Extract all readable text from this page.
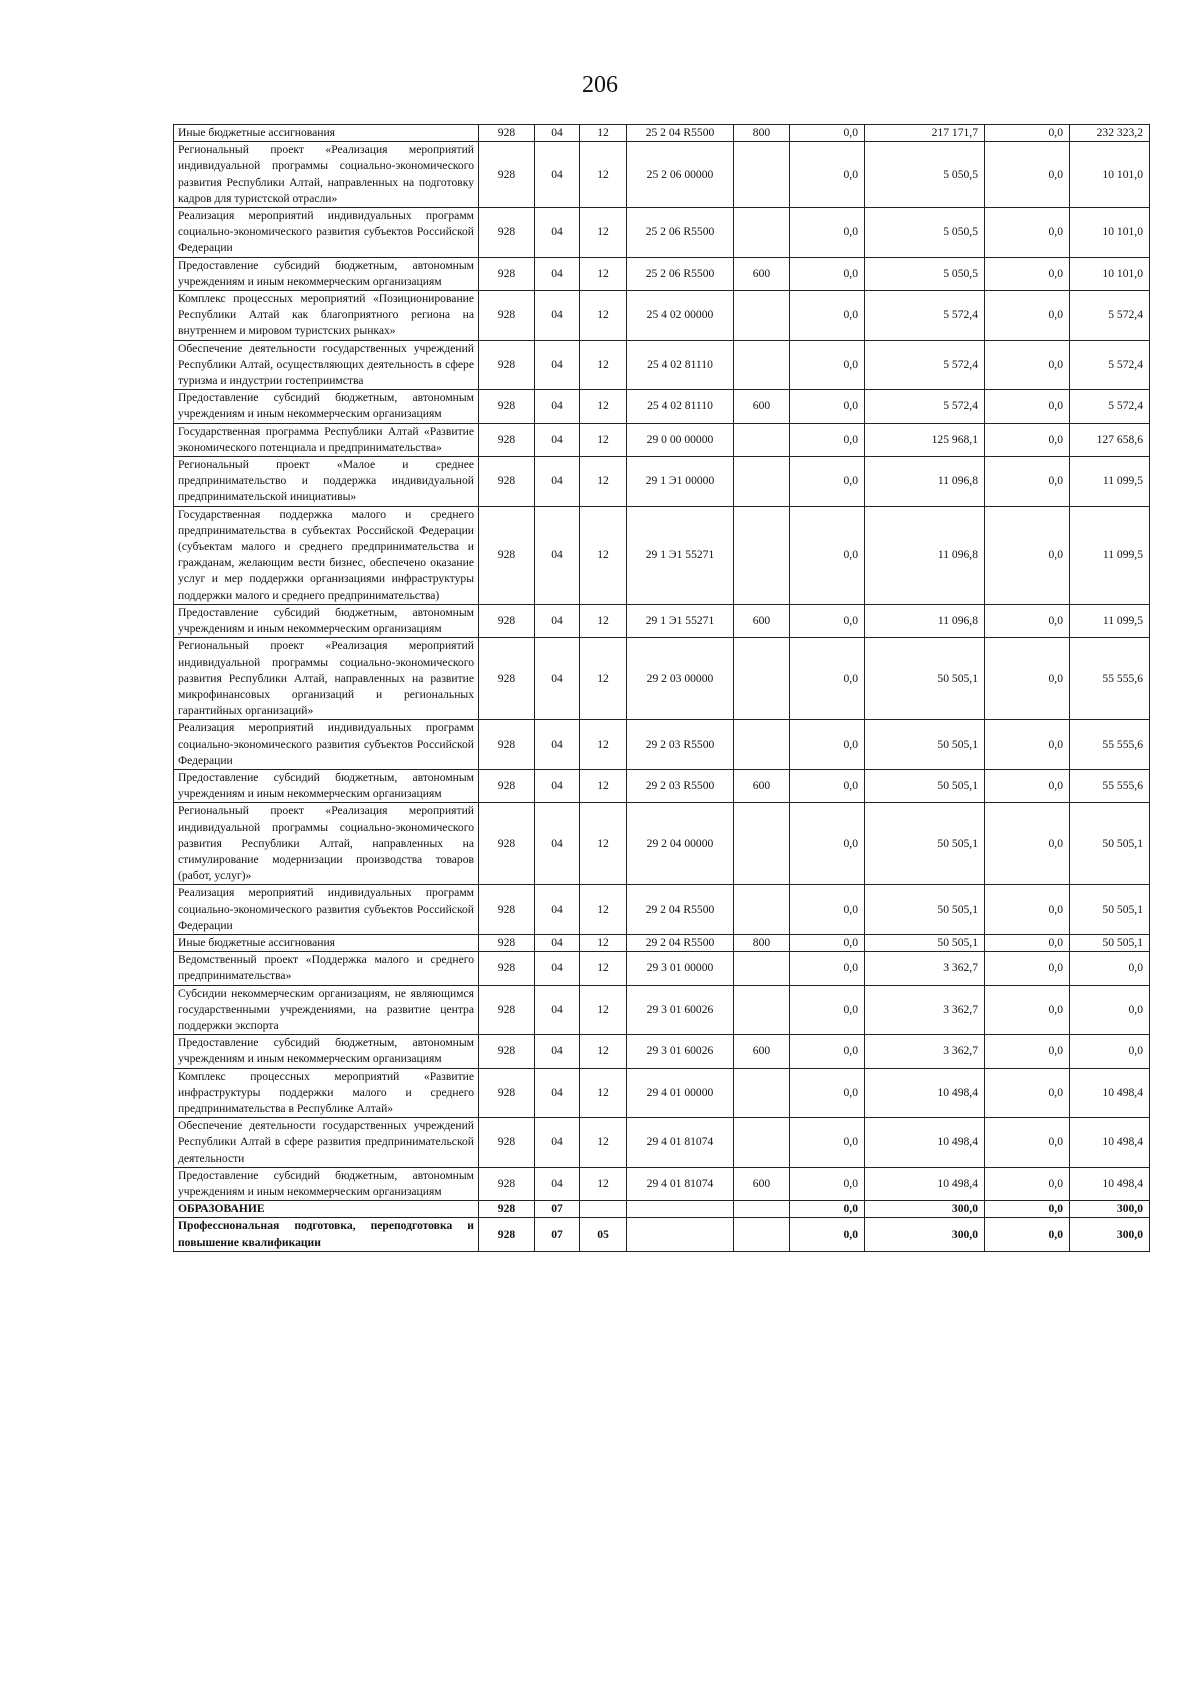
206
Иные бюджетные ассигнования	928	04	12	25 2 04 R5500	800	0,0	217 171,7	0,0	232 323,2
Региональный проект «Реализация мероприятий индивидуальной программы социально-экономического развития Республики Алтай, направленных на подготовку кадров для туристской отрасли»	928	04	12	25 2 06 00000		0,0	5 050,5	0,0	10 101,0
Реализация мероприятий индивидуальных программ социально-экономического развития субъектов Российской Федерации	928	04	12	25 2 06 R5500		0,0	5 050,5	0,0	10 101,0
Предоставление субсидий бюджетным, автономным учреждениям и иным некоммерческим организациям	928	04	12	25 2 06 R5500	600	0,0	5 050,5	0,0	10 101,0
Комплекс процессных мероприятий «Позиционирование Республики Алтай как благоприятного региона на внутреннем и мировом туристских рынках»	928	04	12	25 4 02 00000		0,0	5 572,4	0,0	5 572,4
Обеспечение деятельности государственных учреждений Республики Алтай, осуществляющих деятельность в сфере туризма и индустрии гостеприимства	928	04	12	25 4 02 81110		0,0	5 572,4	0,0	5 572,4
Предоставление субсидий бюджетным, автономным учреждениям и иным некоммерческим организациям	928	04	12	25 4 02 81110	600	0,0	5 572,4	0,0	5 572,4
Государственная программа Республики Алтай «Развитие экономического потенциала и предпринимательства»	928	04	12	29 0 00 00000		0,0	125 968,1	0,0	127 658,6
Региональный проект «Малое и среднее предпринимательство и поддержка индивидуальной предпринимательской инициативы»	928	04	12	29 1 Э1 00000		0,0	11 096,8	0,0	11 099,5
Государственная поддержка малого и среднего предпринимательства в субъектах Российской Федерации (субъектам малого и среднего предпринимательства и гражданам, желающим вести бизнес, обеспечено оказание услуг и мер поддержки организациями инфраструктуры поддержки малого и среднего предпринимательства)	928	04	12	29 1 Э1 55271		0,0	11 096,8	0,0	11 099,5
Предоставление субсидий бюджетным, автономным учреждениям и иным некоммерческим организациям	928	04	12	29 1 Э1 55271	600	0,0	11 096,8	0,0	11 099,5
Региональный проект «Реализация мероприятий индивидуальной программы социально-экономического развития Республики Алтай, направленных на развитие микрофинансовых организаций и региональных гарантийных организаций»	928	04	12	29 2 03 00000		0,0	50 505,1	0,0	55 555,6
Реализация мероприятий индивидуальных программ социально-экономического развития субъектов Российской Федерации	928	04	12	29 2 03 R5500		0,0	50 505,1	0,0	55 555,6
Предоставление субсидий бюджетным, автономным учреждениям и иным некоммерческим организациям	928	04	12	29 2 03 R5500	600	0,0	50 505,1	0,0	55 555,6
Региональный проект «Реализация мероприятий индивидуальной программы социально-экономического развития Республики Алтай, направленных на стимулирование модернизации производства товаров (работ, услуг)»	928	04	12	29 2 04 00000		0,0	50 505,1	0,0	50 505,1
Реализация мероприятий индивидуальных программ социально-экономического развития субъектов Российской Федерации	928	04	12	29 2 04 R5500		0,0	50 505,1	0,0	50 505,1
Иные бюджетные ассигнования	928	04	12	29 2 04 R5500	800	0,0	50 505,1	0,0	50 505,1
Ведомственный проект «Поддержка малого и среднего предпринимательства»	928	04	12	29 3 01 00000		0,0	3 362,7	0,0	0,0
Субсидии некоммерческим организациям, не являющимся государственными учреждениями, на развитие центра поддержки экспорта	928	04	12	29 3 01 60026		0,0	3 362,7	0,0	0,0
Предоставление субсидий бюджетным, автономным учреждениям и иным некоммерческим организациям	928	04	12	29 3 01 60026	600	0,0	3 362,7	0,0	0,0
Комплекс процессных мероприятий «Развитие инфраструктуры поддержки малого и среднего предпринимательства в Республике Алтай»	928	04	12	29 4 01 00000		0,0	10 498,4	0,0	10 498,4
Обеспечение деятельности государственных учреждений Республики Алтай в сфере развития предпринимательской деятельности	928	04	12	29 4 01 81074		0,0	10 498,4	0,0	10 498,4
Предоставление субсидий бюджетным, автономным учреждениям и иным некоммерческим организациям	928	04	12	29 4 01 81074	600	0,0	10 498,4	0,0	10 498,4
ОБРАЗОВАНИЕ	928	07				0,0	300,0	0,0	300,0
Профессиональная подготовка, переподготовка и повышение квалификации	928	07	05			0,0	300,0	0,0	300,0
